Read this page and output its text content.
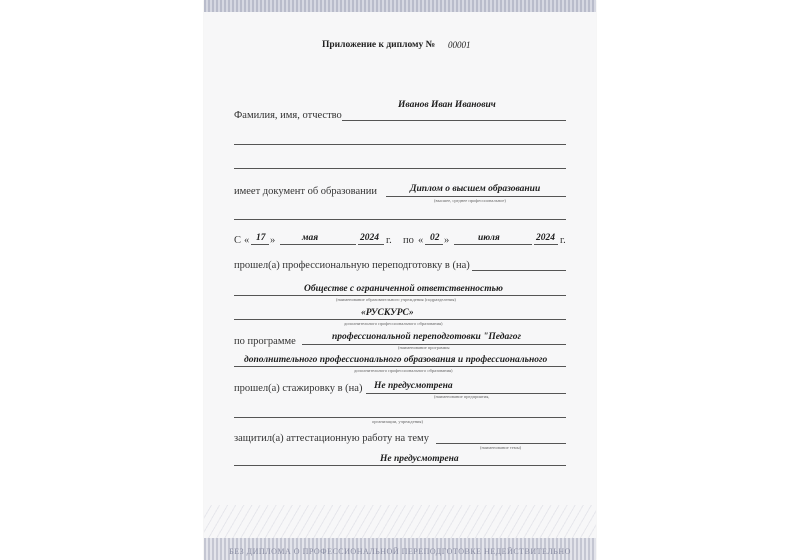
Приложение к диплому № 00001
Иванов Иван Иванович
Фамилия, имя, отчество
имеет документ об образовании	Диплом о высшем образовании
(высшее, среднее профессиональное)
С « 17 »	мая	2024 г. по « 02 »	июля	2024 г.
прошел(а) профессиональную переподготовку в (на)
Обществе с ограниченной ответственностью
(наименование образовательного учреждения (подразделения)
«РУСКУРС»
дополнительного профессионального образования)
по программе	профессиональной переподготовки "Педагог
(наименование программы
дополнительного профессионального образования и профессионального
дополнительного профессионального образования)
прошел(а) стажировку в (на) Не предусмотрена
(наименование предприятия,
организации, учреждения)
защитил(а) аттестационную работу на тему
(наименование темы)
Не предусмотрена
БЕЗ ДИПЛОМА О ПРОФЕССИОНАЛЬНОЙ ПЕРЕПОДГОТОВКЕ НЕДЕЙСТВИТЕЛЬНО
